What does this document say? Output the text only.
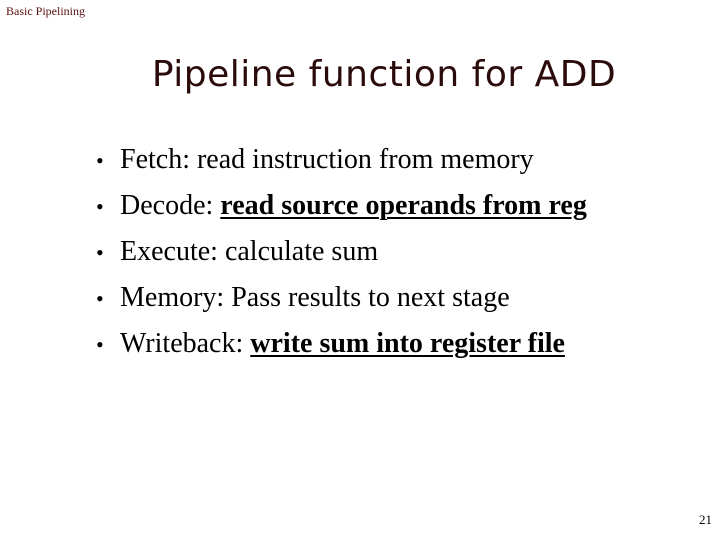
Basic Pipelining
Pipeline function for ADD
• Fetch: read instruction from memory
• Decode: read source operands from reg
• Execute: calculate sum
• Memory: Pass results to next stage
• Writeback: write sum into register file
21
